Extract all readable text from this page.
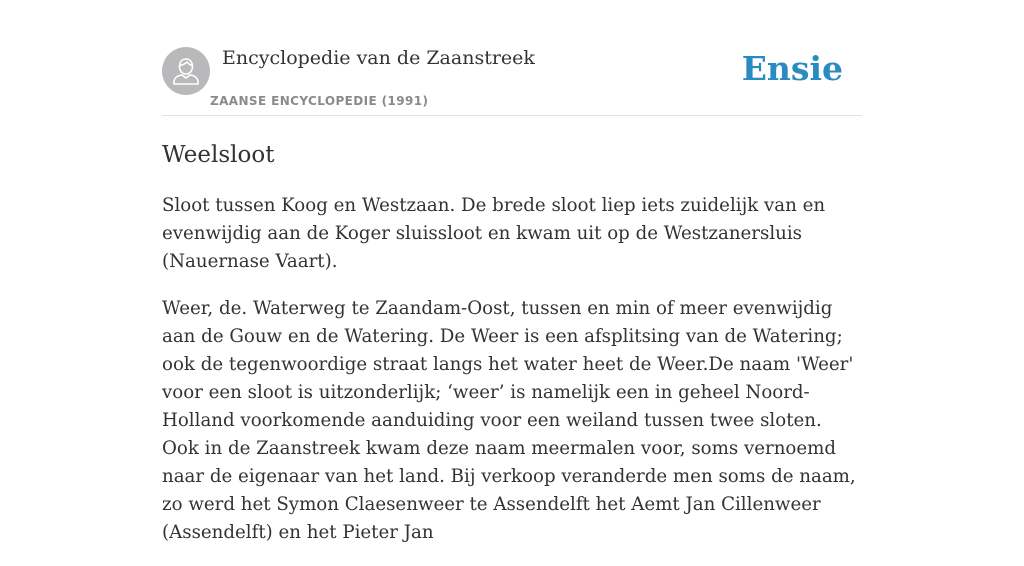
Encyclopedie van de Zaanstreek
ZAANSE ENCYCLOPEDIE (1991)
Ensie
Weelsloot

Sloot tussen Koog en Westzaan. De brede sloot liep iets zuidelijk van en evenwijdig aan de Koger sluissloot en kwam uit op de Westzanersluis (Nauernase Vaart).

Weer, de. Waterweg te Zaandam-Oost, tussen en min of meer evenwijdig aan de Gouw en de Watering. De Weer is een afsplitsing van de Watering; ook de tegenwoordige straat langs het water heet de Weer.De naam 'Weer' voor een sloot is uitzonderlijk; ‘weer’ is namelijk een in geheel Noord-Holland voorkomende aanduiding voor een weiland tussen twee sloten. Ook in de Zaanstreek kwam deze naam meermalen voor, soms vernoemd naar de eigenaar van het land. Bij verkoop veranderde men soms de naam, zo werd het Symon Claesenweer te Assendelft het Aemt Jan Cillenweer (Assendelft) en het Pieter Jan
